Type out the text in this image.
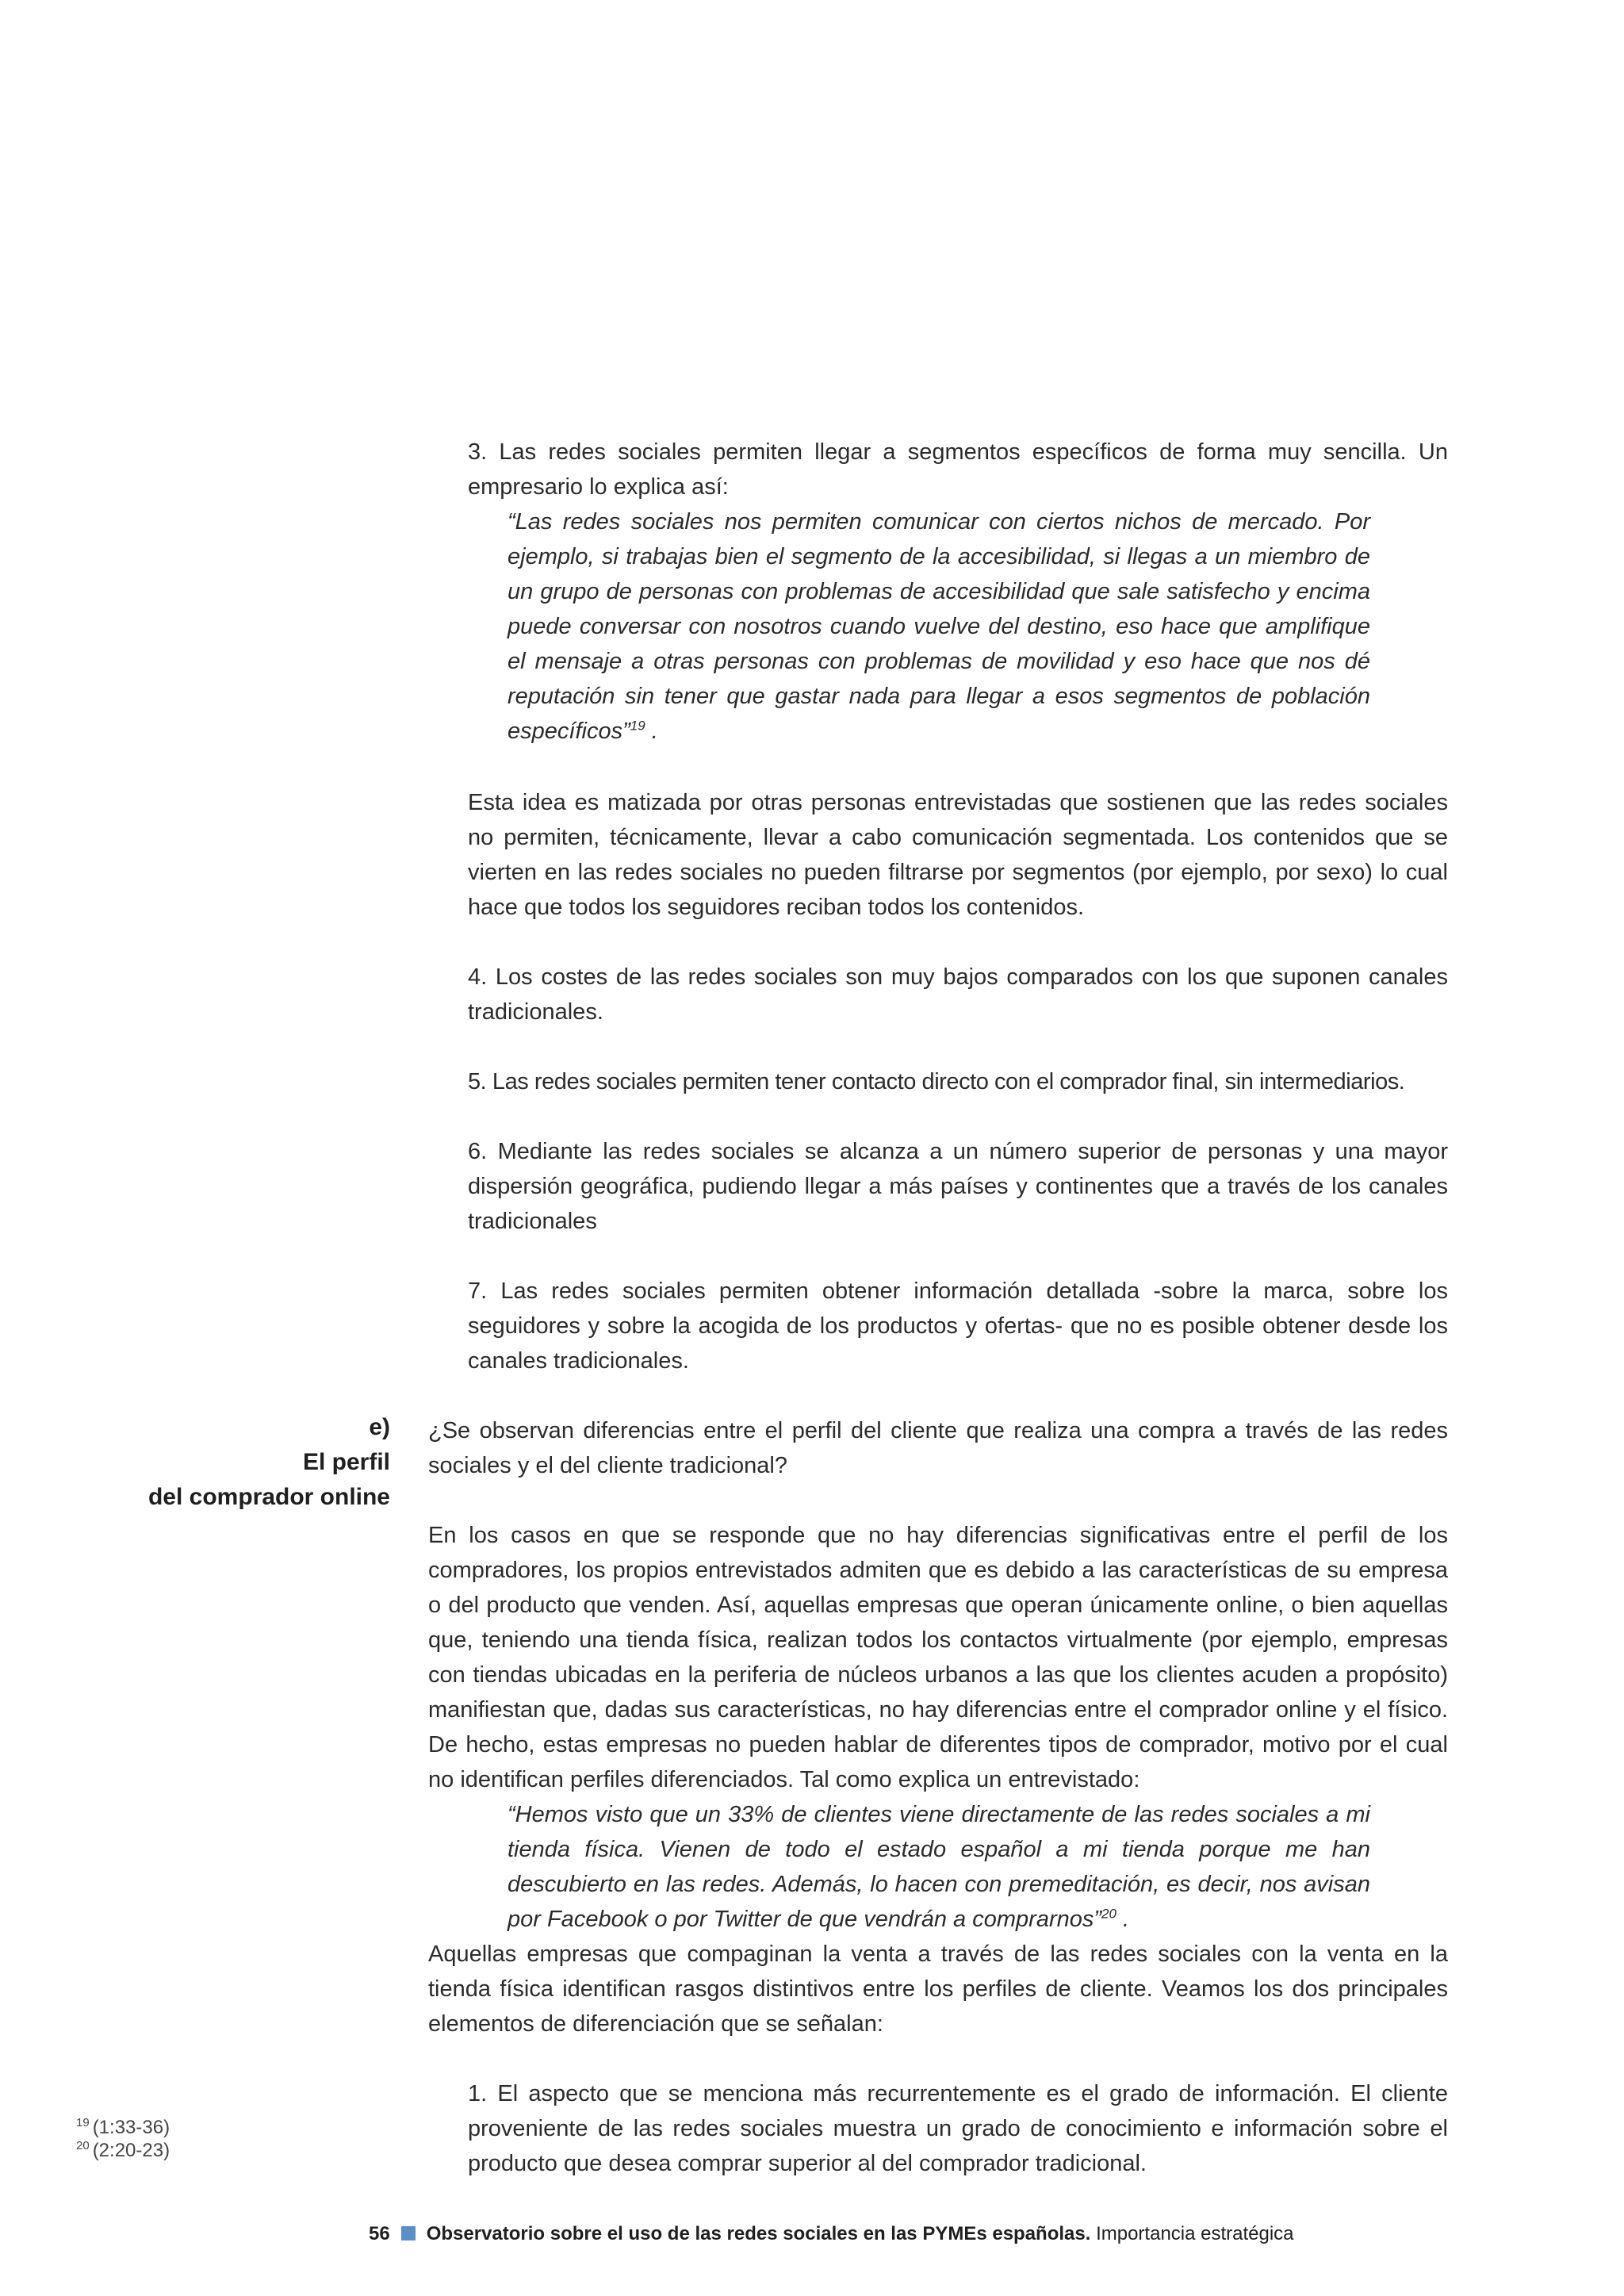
3. Las redes sociales permiten llegar a segmentos específicos de forma muy sencilla. Un empresario lo explica así:

“Las redes sociales nos permiten comunicar con ciertos nichos de mercado. Por ejemplo, si trabajas bien el segmento de la accesibilidad, si llegas a un miembro de un grupo de personas con problemas de accesibilidad que sale satisfecho y encima puede conversar con nosotros cuando vuelve del destino, eso hace que amplifique el mensaje a otras personas con problemas de movilidad y eso hace que nos dé reputación sin tener que gastar nada para llegar a esos segmentos de población específicos”$^{19}$ .

Esta idea es matizada por otras personas entrevistadas que sostienen que las redes sociales no permiten, técnicamente, llevar a cabo comunicación segmentada. Los contenidos que se vierten en las redes sociales no pueden filtrarse por segmentos (por ejemplo, por sexo) lo cual hace que todos los seguidores reciban todos los contenidos.

4. Los costes de las redes sociales son muy bajos comparados con los que suponen canales tradicionales.

5. Las redes sociales permiten tener contacto directo con el comprador final, sin intermediarios.

6. Mediante las redes sociales se alcanza a un número superior de personas y una mayor dispersión geográfica, pudiendo llegar a más países y continentes que a través de los canales tradicionales

7. Las redes sociales permiten obtener información detallada -sobre la marca, sobre los seguidores y sobre la acogida de los productos y ofertas- que no es posible obtener desde los canales tradicionales.

e)
El perfil
del comprador online

¿Se observan diferencias entre el perfil del cliente que realiza una compra a través de las redes sociales y el del cliente tradicional?

En los casos en que se responde que no hay diferencias significativas entre el perfil de los compradores, los propios entrevistados admiten que es debido a las características de su empresa o del producto que venden. Así, aquellas empresas que operan únicamente online, o bien aquellas que, teniendo una tienda física, realizan todos los contactos virtualmente (por ejemplo, empresas con tiendas ubicadas en la periferia de núcleos urbanos a las que los clientes acuden a propósito) manifiestan que, dadas sus características, no hay diferencias entre el comprador online y el físico. De hecho, estas empresas no pueden hablar de diferentes tipos de comprador, motivo por el cual no identifican perfiles diferenciados. Tal como explica un entrevistado:

“Hemos visto que un 33% de clientes viene directamente de las redes sociales a mi tienda física. Vienen de todo el estado español a mi tienda porque me han descubierto en las redes. Además, lo hacen con premeditación, es decir, nos avisan por Facebook o por Twitter de que vendrán a comprarnos”$^{20}$ .

Aquellas empresas que compaginan la venta a través de las redes sociales con la venta en la tienda física identifican rasgos distintivos entre los perfiles de cliente. Veamos los dos principales elementos de diferenciación que se señalan:

1. El aspecto que se menciona más recurrentemente es el grado de información. El cliente proveniente de las redes sociales muestra un grado de conocimiento e información sobre el producto que desea comprar superior al del comprador tradicional.

$^{19}$ (1:33-36)
$^{20}$ (2:20-23)
56 Observatorio sobre el uso de las redes sociales en las PYMEs españolas. Importancia estratégica
